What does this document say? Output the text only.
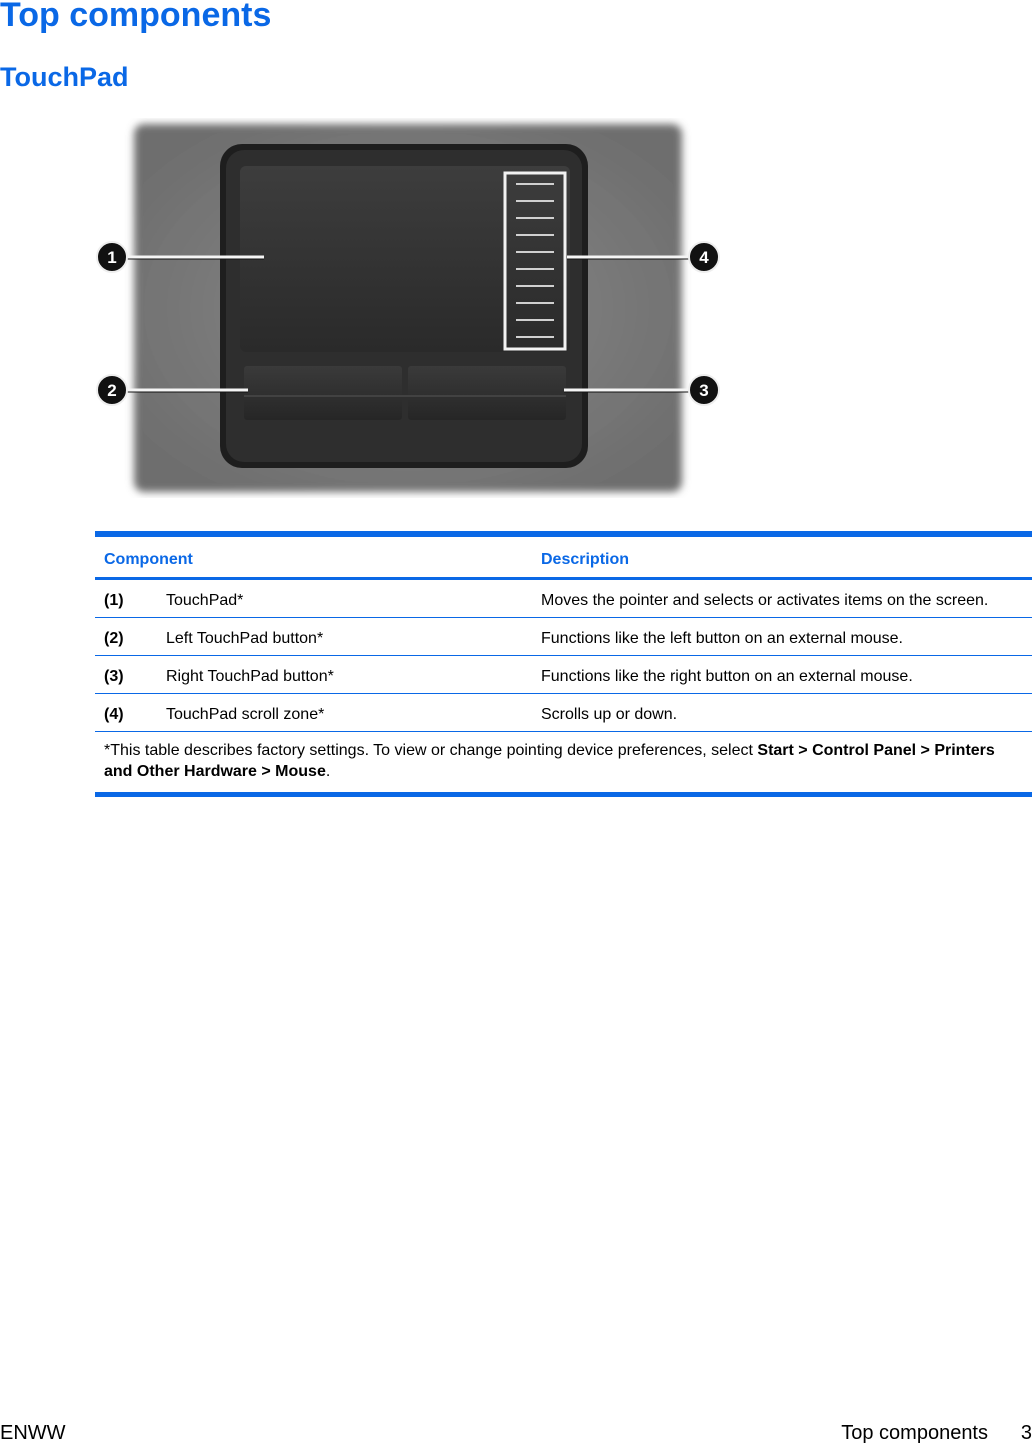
Top components
TouchPad
1
2	3
4
Component	Description
(1)	TouchPad*	Moves the pointer and selects or activates items on the screen.
(2)	Left TouchPad button*	Functions like the left button on an external mouse.
(3)	Right TouchPad button*	Functions like the right button on an external mouse.
(4)	TouchPad scroll zone*	Scrolls up or down.
*This table describes factory settings. To view or change pointing device preferences, select Start > Control Panel > Printers and Other Hardware > Mouse.
ENWW	Top components 3
